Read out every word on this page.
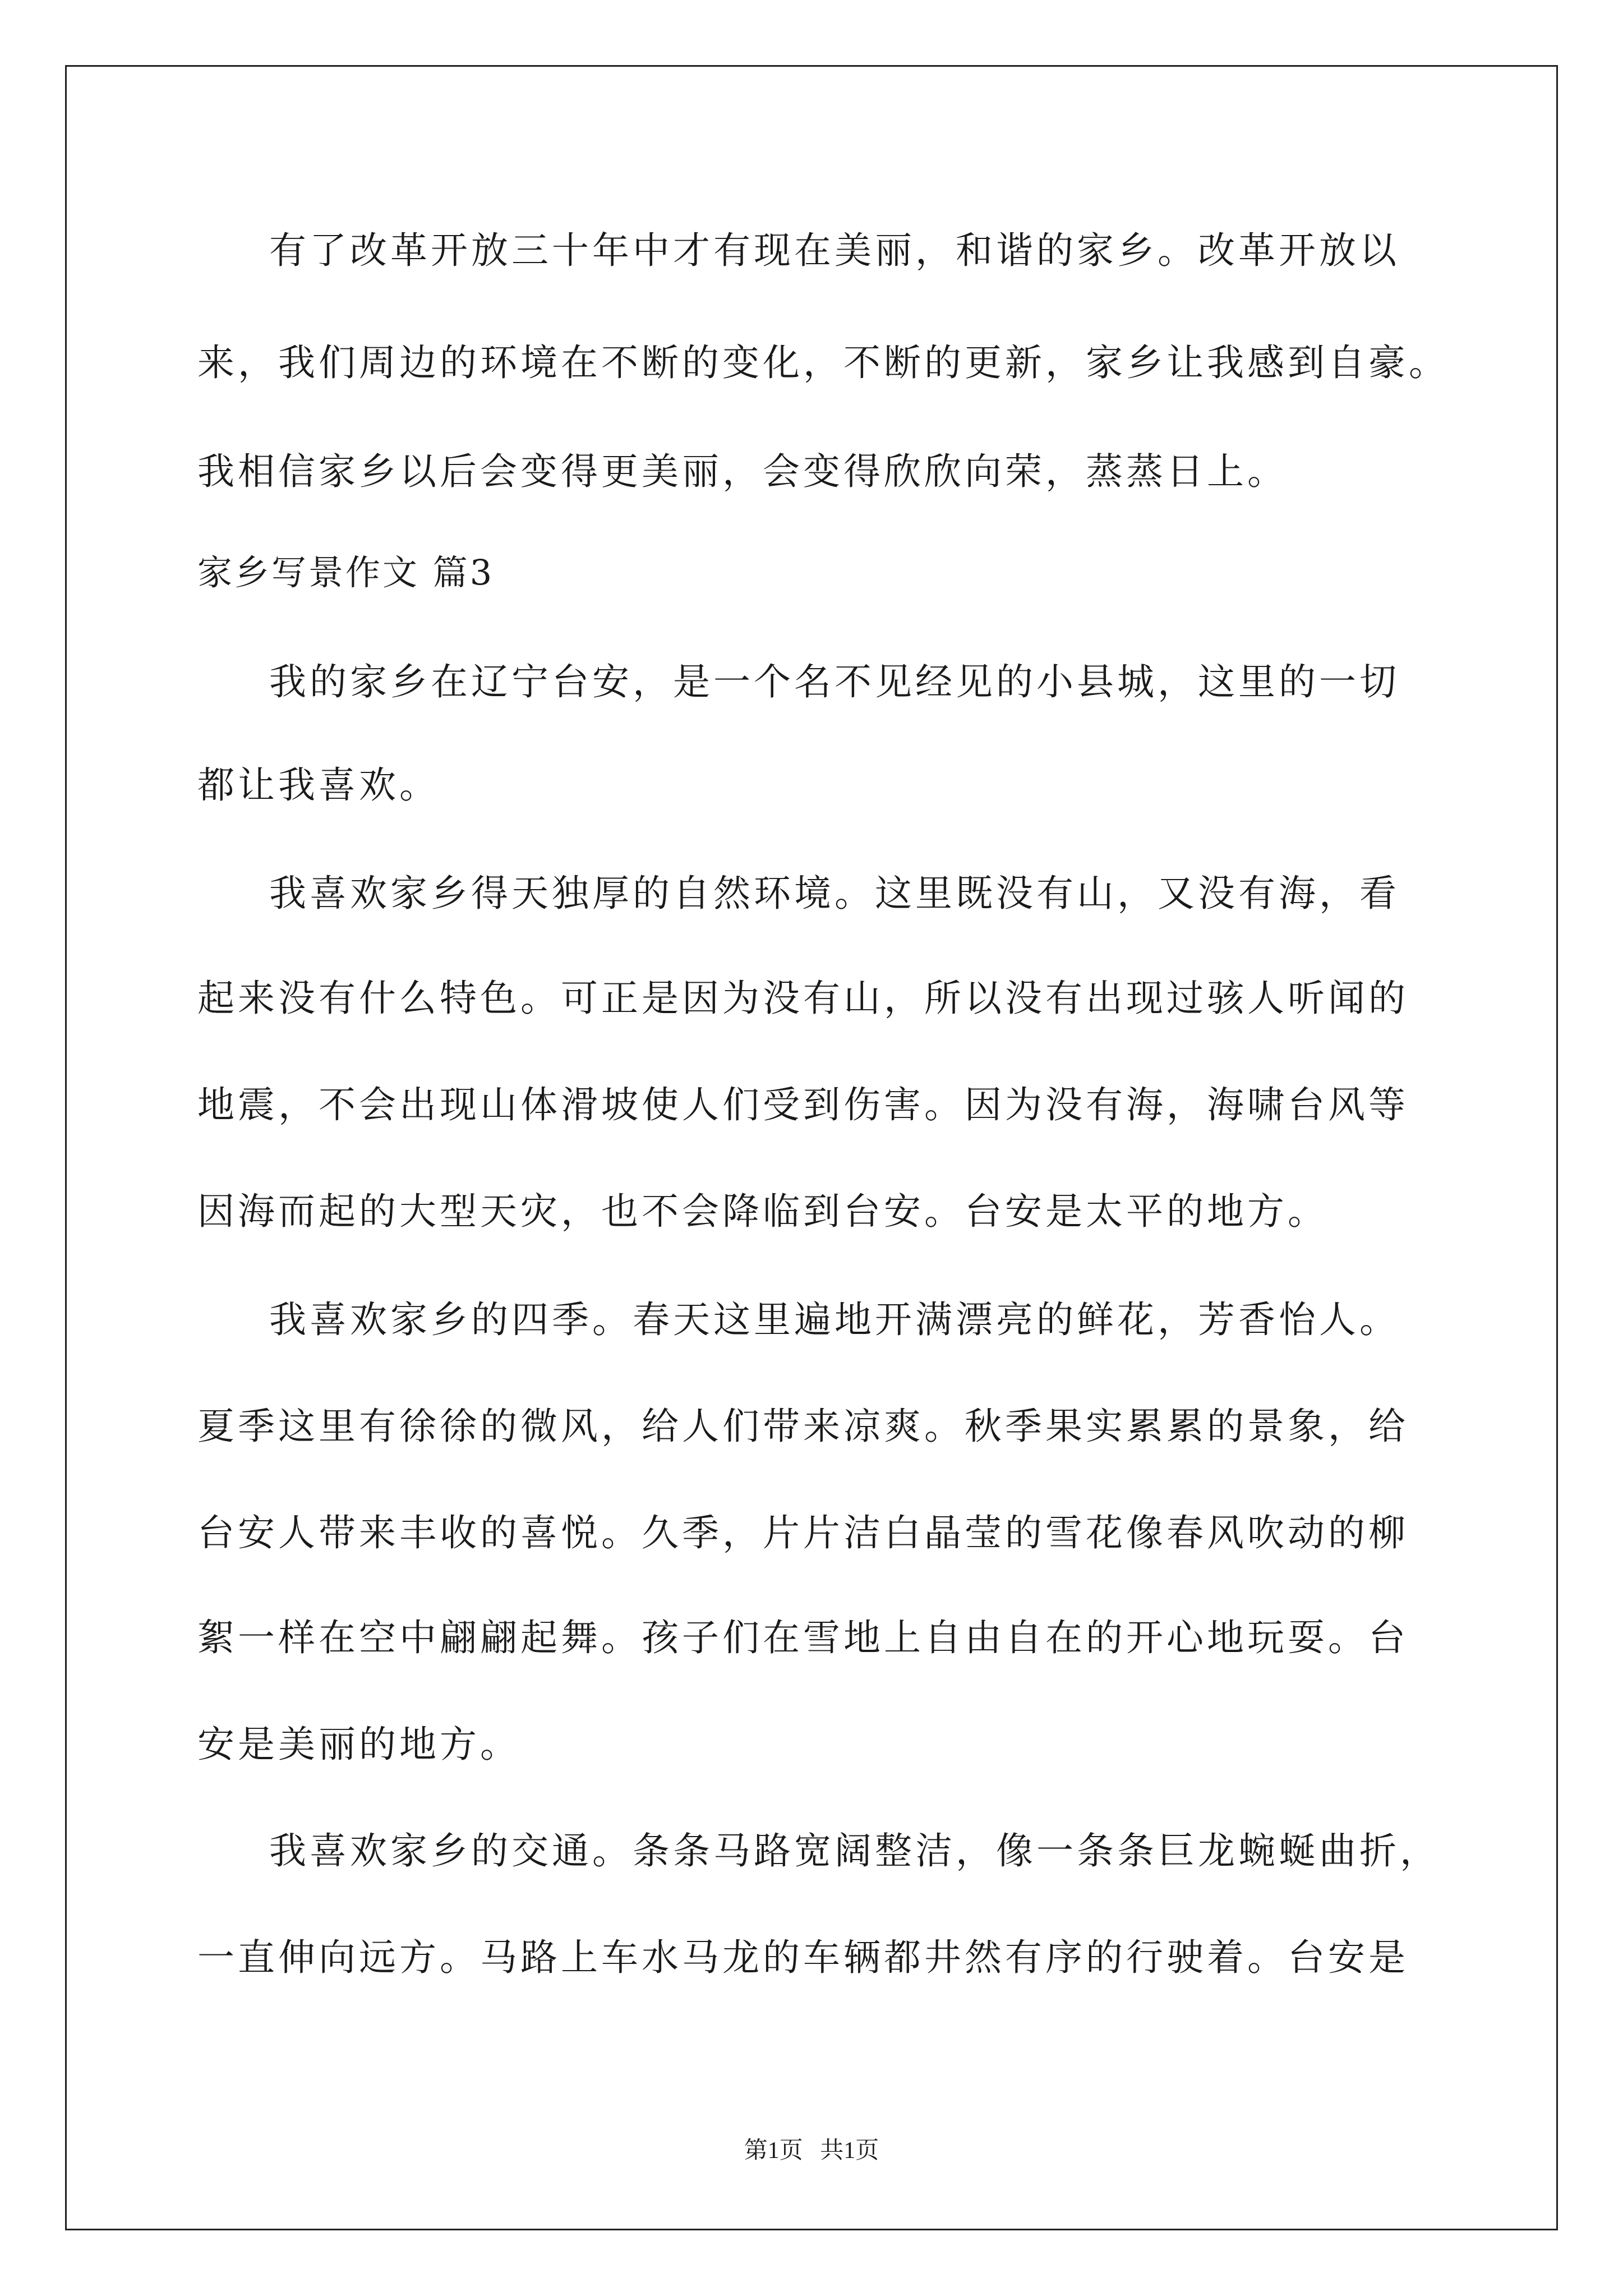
有了改革开放三十年中才有现在美丽，和谐的家乡。改革开放以
来，我们周边的环境在不断的变化，不断的更新，家乡让我感到自豪。
我相信家乡以后会变得更美丽，会变得欣欣向荣，蒸蒸日上。
家乡写景作文 篇3
我的家乡在辽宁台安，是一个名不见经见的小县城，这里的一切
都让我喜欢。
我喜欢家乡得天独厚的自然环境。这里既没有山，又没有海，看
起来没有什么特色。可正是因为没有山，所以没有出现过骇人听闻的
地震，不会出现山体滑坡使人们受到伤害。因为没有海，海啸台风等
因海而起的大型天灾，也不会降临到台安。台安是太平的地方。
我喜欢家乡的四季。春天这里遍地开满漂亮的鲜花，芳香怡人。
夏季这里有徐徐的微风，给人们带来凉爽。秋季果实累累的景象，给
台安人带来丰收的喜悦。久季，片片洁白晶莹的雪花像春风吹动的柳
絮一样在空中翩翩起舞。孩子们在雪地上自由自在的开心地玩耍。台
安是美丽的地方。
我喜欢家乡的交通。条条马路宽阔整洁，像一条条巨龙蜿蜒曲折，
一直伸向远方。马路上车水马龙的车辆都井然有序的行驶着。台安是
第1页 共1页
